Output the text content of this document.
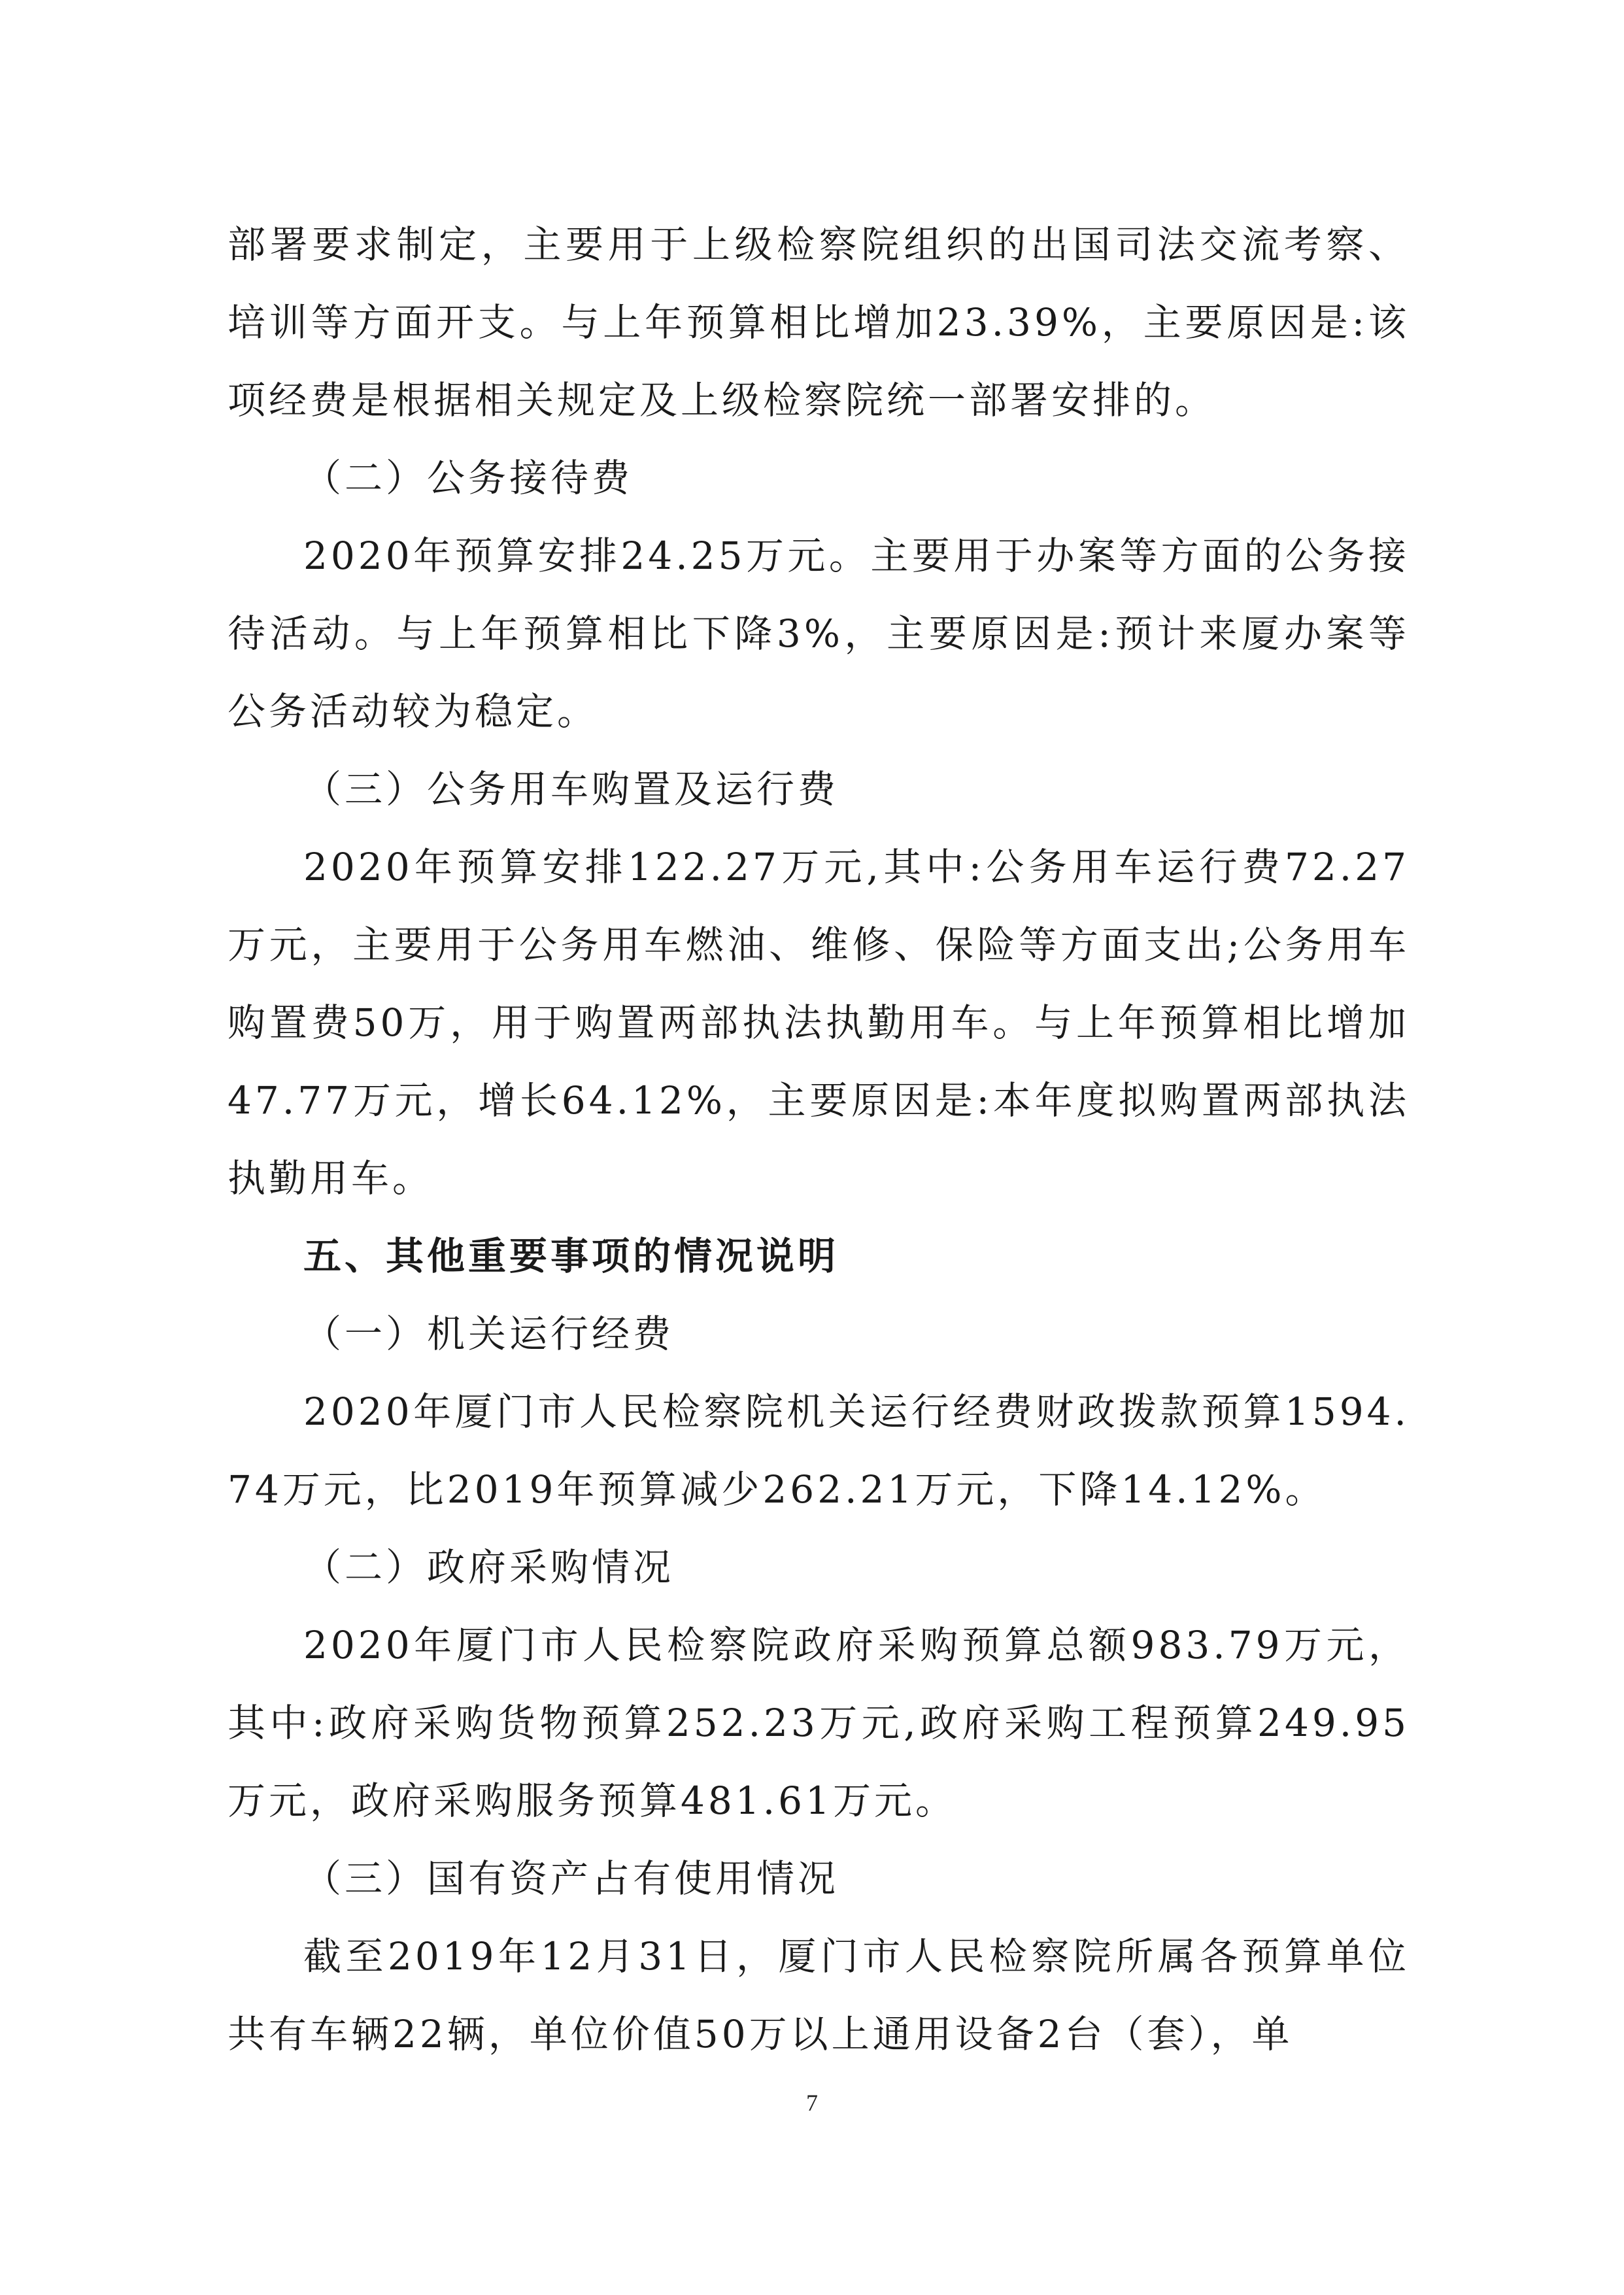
部署要求制定，主要用于上级检察院组织的出国司法交流考察、培训等方面开支。与上年预算相比增加23.39%，主要原因是:该项经费是根据相关规定及上级检察院统一部署安排的。

（二）公务接待费

2020年预算安排24.25万元。主要用于办案等方面的公务接待活动。与上年预算相比下降3%，主要原因是:预计来厦办案等公务活动较为稳定。

（三）公务用车购置及运行费

2020年预算安排122.27万元,其中:公务用车运行费72.27万元，主要用于公务用车燃油、维修、保险等方面支出;公务用车购置费50万，用于购置两部执法执勤用车。与上年预算相比增加47.77万元，增长64.12%，主要原因是:本年度拟购置两部执法执勤用车。

五、其他重要事项的情况说明

（一）机关运行经费

2020年厦门市人民检察院机关运行经费财政拨款预算1594.74万元，比2019年预算减少262.21万元，下降14.12%。

（二）政府采购情况

2020年厦门市人民检察院政府采购预算总额983.79万元，其中:政府采购货物预算252.23万元,政府采购工程预算249.95万元，政府采购服务预算481.61万元。

（三）国有资产占有使用情况

截至2019年12月31日，厦门市人民检察院所属各预算单位共有车辆22辆，单位价值50万以上通用设备2台（套），单

7
